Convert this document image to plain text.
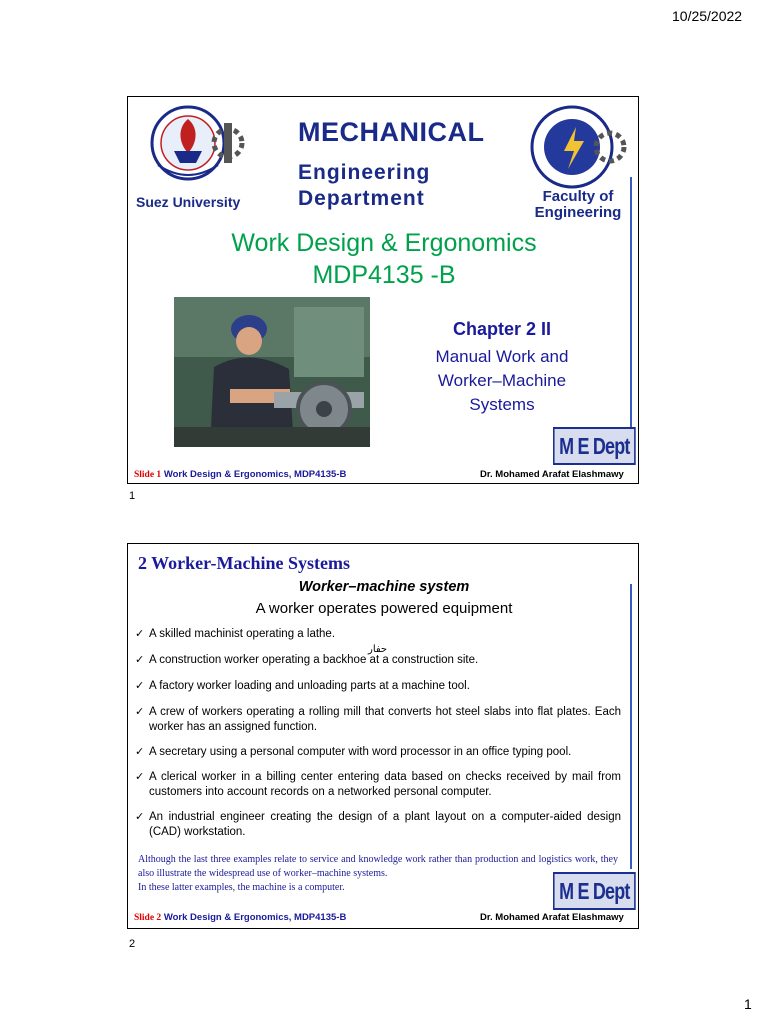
10/25/2022
Suez University
MECHANICAL
Engineering
Department	Faculty of
Engineering
Work Design & Ergonomics
MDP4135 -B
Chapter 2 II
Manual Work and
Worker–Machine
Systems
M E Dept
Slide 1 Work Design & Ergonomics, MDP4135-B	Dr. Mohamed Arafat Elashmawy
1
2 Worker-Machine Systems
Worker–machine system
A worker operates powered equipment
حفار
✓ A skilled machinist operating a lathe.
✓ A construction worker operating a backhoe at a construction site.
✓ A factory worker loading and unloading parts at a machine tool.
✓ A crew of workers operating a rolling mill that converts hot steel slabs into flat plates. Each worker has an assigned function.
✓ A secretary using a personal computer with word processor in an office typing pool.
✓ A clerical worker in a billing center entering data based on checks received by mail from customers into account records on a networked personal computer.
✓ An industrial engineer creating the design of a plant layout on a computer-aided design (CAD) workstation.
Although the last three examples relate to service and knowledge work rather than production and logistics work, they also illustrate the widespread use of worker–machine systems.
In these latter examples, the machine is a computer.	M E Dept
Slide 2 Work Design & Ergonomics, MDP4135-B	Dr. Mohamed Arafat Elashmawy
2
1
